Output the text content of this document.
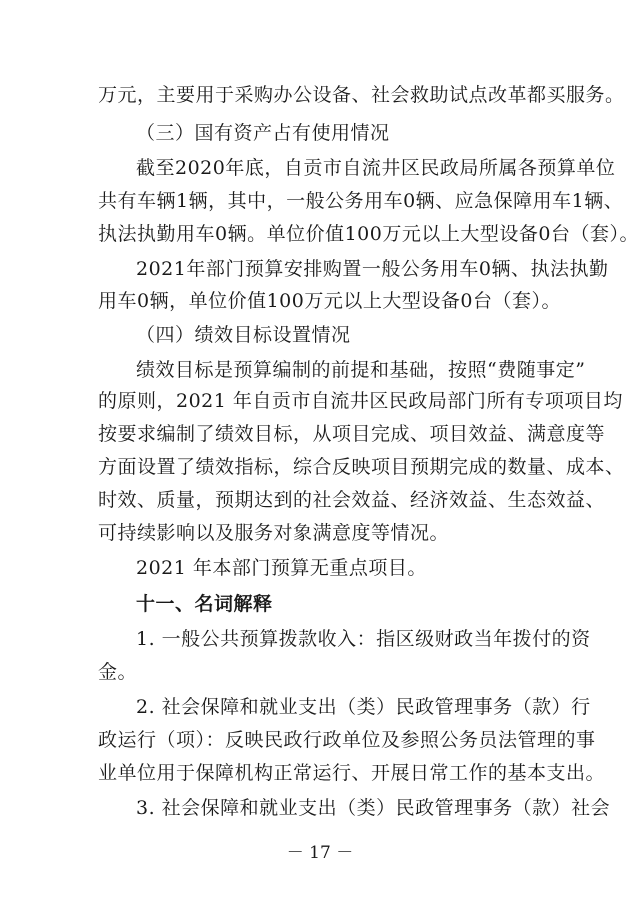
万元，主要用于采购办公设备、社会救助试点改革都买服务。
（三）国有资产占有使用情况
截至2020年底，自贡市自流井区民政局所属各预算单位
共有车辆1辆，其中，一般公务用车0辆、应急保障用车1辆、
执法执勤用车0辆。单位价值100万元以上大型设备0台（套）。
2021年部门预算安排购置一般公务用车0辆、执法执勤
用车0辆，单位价值100万元以上大型设备0台（套）。
（四）绩效目标设置情况
绩效目标是预算编制的前提和基础，按照“费随事定”
的原则，2021 年自贡市自流井区民政局部门所有专项项目均
按要求编制了绩效目标，从项目完成、项目效益、满意度等
方面设置了绩效指标，综合反映项目预期完成的数量、成本、
时效、质量，预期达到的社会效益、经济效益、生态效益、
可持续影响以及服务对象满意度等情况。
2021 年本部门预算无重点项目。
十一、名词解释
1. 一般公共预算拨款收入：指区级财政当年拨付的资
金。
2. 社会保障和就业支出（类）民政管理事务（款）行
政运行（项）：反映民政行政单位及参照公务员法管理的事
业单位用于保障机构正常运行、开展日常工作的基本支出。
3. 社会保障和就业支出（类）民政管理事务（款）社会
－ 17 －
